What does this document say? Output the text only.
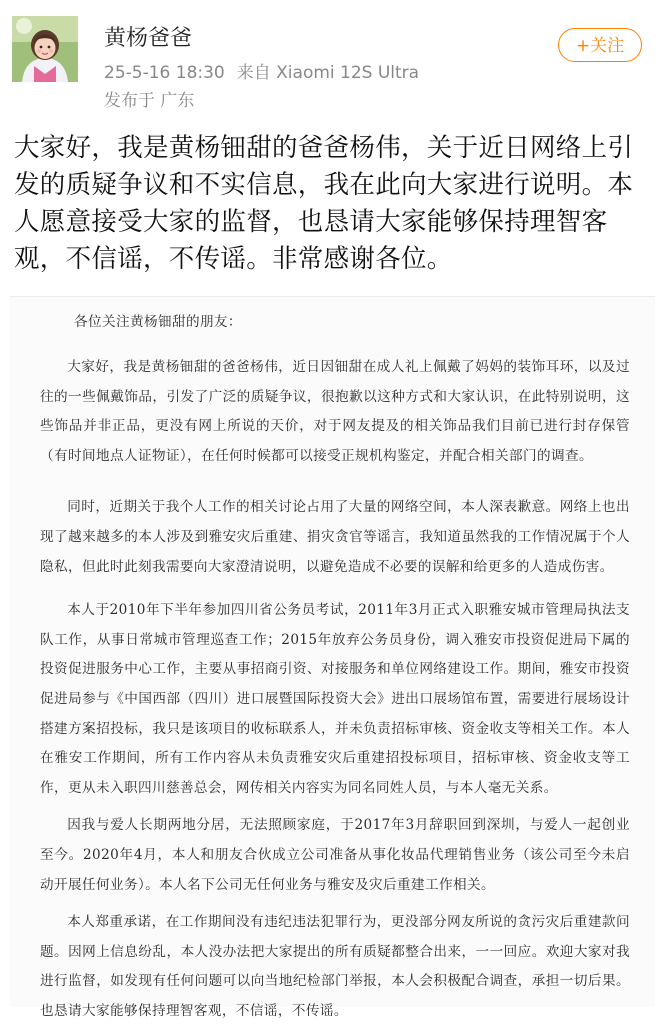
黄杨爸爸
25-5-16 18:30 来自 Xiaomi 12S Ultra
发布于 广东
+关注
大家好，我是黄杨钿甜的爸爸杨伟，关于近日网络上引发的质疑争议和不实信息，我在此向大家进行说明。本人愿意接受大家的监督，也恳请大家能够保持理智客观，不信谣，不传谣。非常感谢各位。

各位关注黄杨钿甜的朋友：

大家好，我是黄杨钿甜的爸爸杨伟，近日因钿甜在成人礼上佩戴了妈妈的装饰耳环，以及过往的一些佩戴饰品，引发了广泛的质疑争议，很抱歉以这种方式和大家认识，在此特别说明，这些饰品并非正品，更没有网上所说的天价，对于网友提及的相关饰品我们目前已进行封存保管（有时间地点人证物证），在任何时候都可以接受正规机构鉴定，并配合相关部门的调查。

同时，近期关于我个人工作的相关讨论占用了大量的网络空间，本人深表歉意。网络上也出现了越来越多的本人涉及到雅安灾后重建、捐灾贪官等谣言，我知道虽然我的工作情况属于个人隐私，但此时此刻我需要向大家澄清说明，以避免造成不必要的误解和给更多的人造成伤害。

本人于2010年下半年参加四川省公务员考试，2011年3月正式入职雅安城市管理局执法支队工作，从事日常城市管理巡查工作；2015年放弃公务员身份，调入雅安市投资促进局下属的投资促进服务中心工作，主要从事招商引资、对接服务和单位网络建设工作。期间，雅安市投资促进局参与《中国西部（四川）进口展暨国际投资大会》进出口展场馆布置，需要进行展场设计搭建方案招投标，我只是该项目的收标联系人，并未负责招标审核、资金收支等相关工作。本人在雅安工作期间，所有工作内容从未负责雅安灾后重建招投标项目，招标审核、资金收支等工作，更从未入职四川慈善总会，网传相关内容实为同名同姓人员，与本人毫无关系。

因我与爱人长期两地分居，无法照顾家庭，于2017年3月辞职回到深圳，与爱人一起创业至今。2020年4月，本人和朋友合伙成立公司准备从事化妆品代理销售业务（该公司至今未启动开展任何业务）。本人名下公司无任何业务与雅安及灾后重建工作相关。

本人郑重承诺，在工作期间没有违纪违法犯罪行为，更没部分网友所说的贪污灾后重建款问题。因网上信息纷乱，本人没办法把大家提出的所有质疑都整合出来，一一回应。欢迎大家对我进行监督，如发现有任何问题可以向当地纪检部门举报，本人会积极配合调查，承担一切后果。也恳请大家能够保持理智客观，不信谣，不传谣。
